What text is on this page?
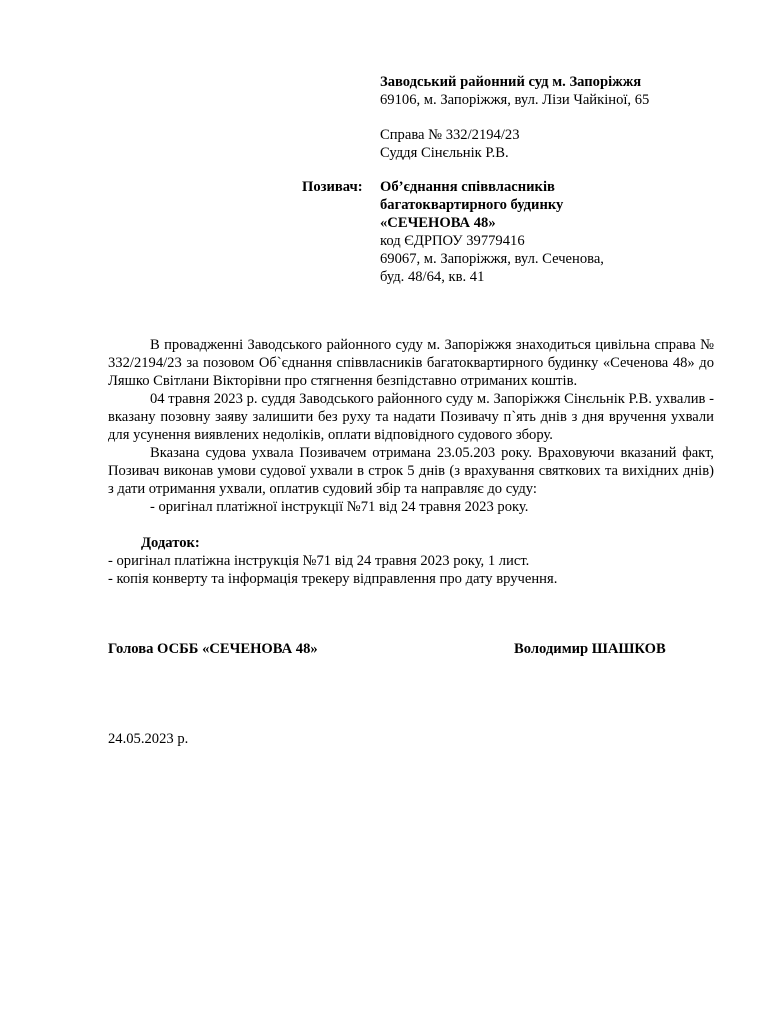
Заводський районний суд м. Запоріжжя
69106, м. Запоріжжя, вул. Лізи Чайкіної, 65
Справа № 332/2194/23
Суддя Сінєльнік Р.В.
Позивач: Об’єднання співвласників
багатоквартирного будинку
«СЕЧЕНОВА 48»
код ЄДРПОУ 39779416
69067, м. Запоріжжя, вул. Сеченова,
буд. 48/64, кв. 41

В провадженні Заводського районного суду м. Запоріжжя знаходиться цивільна справа № 332/2194/23 за позовом Об`єднання співвласників багатоквартирного будинку «Сеченова 48» до Ляшко Світлани Вікторівни про стягнення безпідставно отриманих коштів.

04 травня 2023 р. суддя Заводського районного суду м. Запоріжжя Сінєльнік Р.В. ухвалив - вказану позовну заяву залишити без руху та надати Позивачу п`ять днів з дня вручення ухвали для усунення виявлених недоліків, оплати відповідного судового збору.

Вказана судова ухвала Позивачем отримана 23.05.203 року. Враховуючи вказаний факт, Позивач виконав умови судової ухвали в строк 5 днів (з врахування святкових та вихідних днів) з дати отримання ухвали, оплатив судовий збір та направляє до суду:

- оригінал платіжної інструкції №71 від 24 травня 2023 року.

Додаток:
- оригінал платіжна інструкція №71 від 24 травня 2023 року, 1 лист.
- копія конверту та інформація трекеру відправлення про дату вручення.
Голова ОСББ «СЕЧЕНОВА 48»	Володимир ШАШКОВ
24.05.2023 р.
